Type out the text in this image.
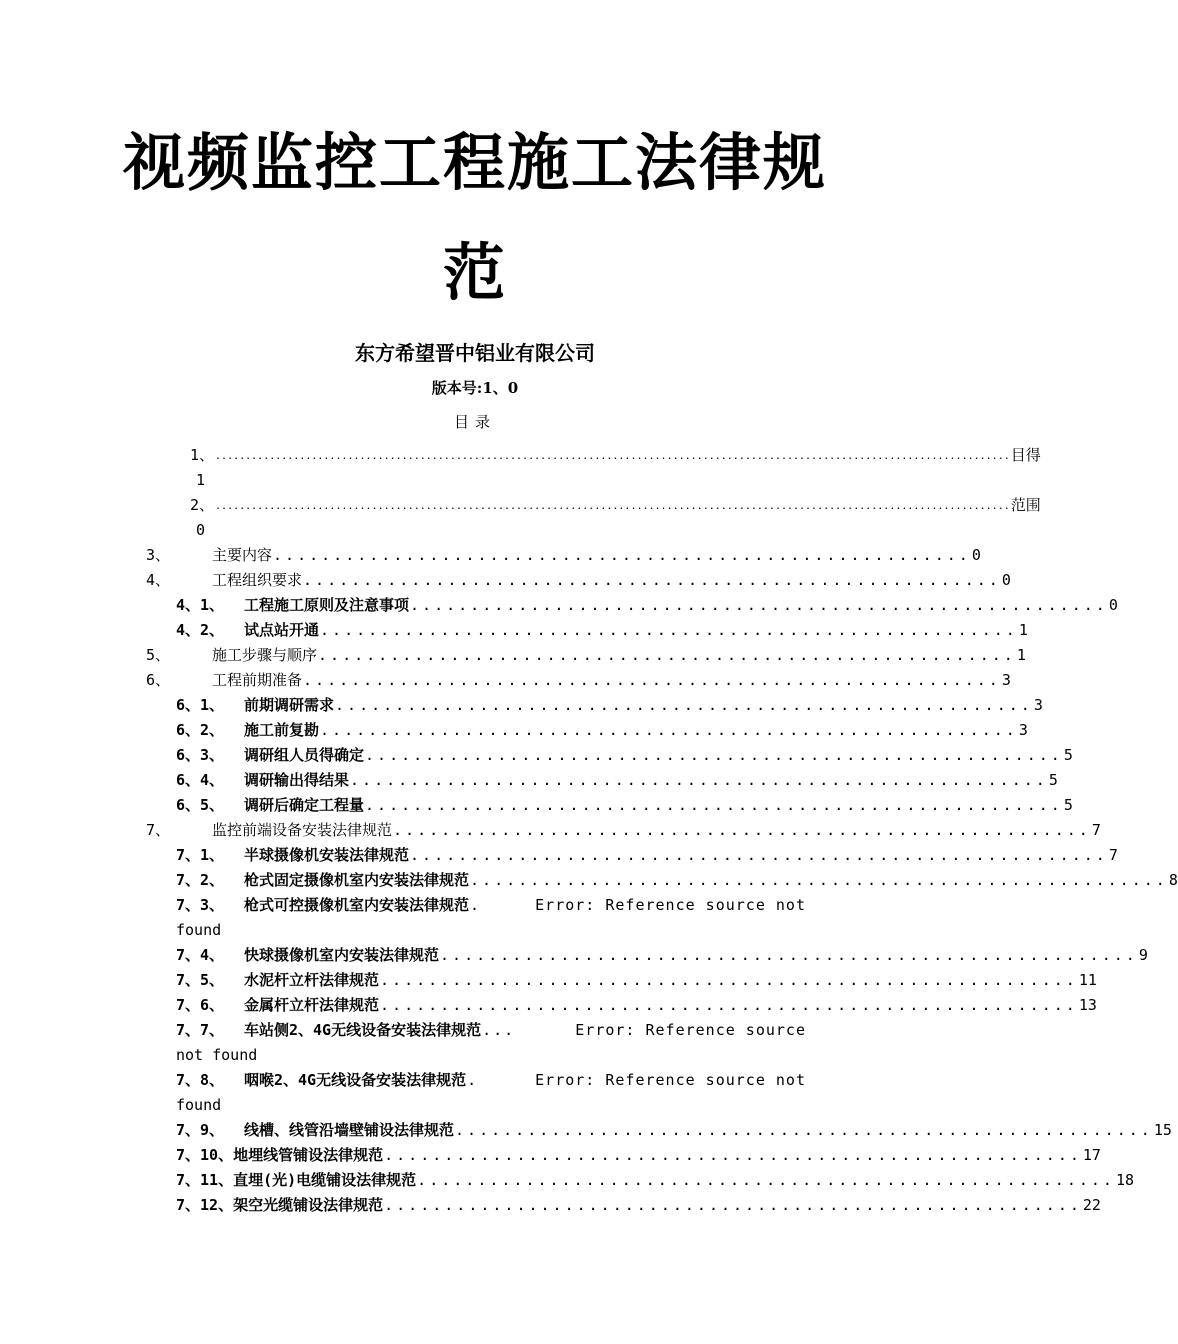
视频监控工程施工法律规
范
东方希望晋中铝业有限公司
版本号:1、0
目录
1、 .................................................................................................................................... 目得
1
2、 .................................................................................................................................... 范围
0
3、	主要内容 .......................................................... 0
4、	工程组织要求 .......................................................... 0
4、1、	工程施工原则及注意事项 .......................................................... 0
4、2、	试点站开通 .......................................................... 1
5、	施工步骤与顺序 .......................................................... 1
6、	工程前期准备 .......................................................... 3
6、1、	前期调研需求 .......................................................... 3
6、2、	施工前复勘 .......................................................... 3
6、3、	调研组人员得确定 .......................................................... 5
6、4、	调研输出得结果 .......................................................... 5
6、5、	调研后确定工程量 .......................................................... 5
7、	监控前端设备安装法律规范 .......................................................... 7
7、1、	半球摄像机安装法律规范 .......................................................... 7
7、2、	枪式固定摄像机室内安装法律规范 .......................................................... 8
7、3、	枪式可控摄像机室内安装法律规范 .	Error: Reference source not
found
7、4、	快球摄像机室内安装法律规范 .......................................................... 9
7、5、	水泥杆立杆法律规范 .......................................................... 11
7、6、	金属杆立杆法律规范 .......................................................... 13
7、7、	车站侧2、4G无线设备安装法律规范 ...	Error: Reference source
not found
7、8、	咽喉2、4G无线设备安装法律规范 .	Error: Reference source not
found
7、9、	线槽、线管沿墙壁铺设法律规范 .......................................................... 15
7、10、 地埋线管铺设法律规范 .......................................................... 17
7、11、 直埋(光)电缆铺设法律规范 .......................................................... 18
7、12、 架空光缆铺设法律规范 .......................................................... 22
